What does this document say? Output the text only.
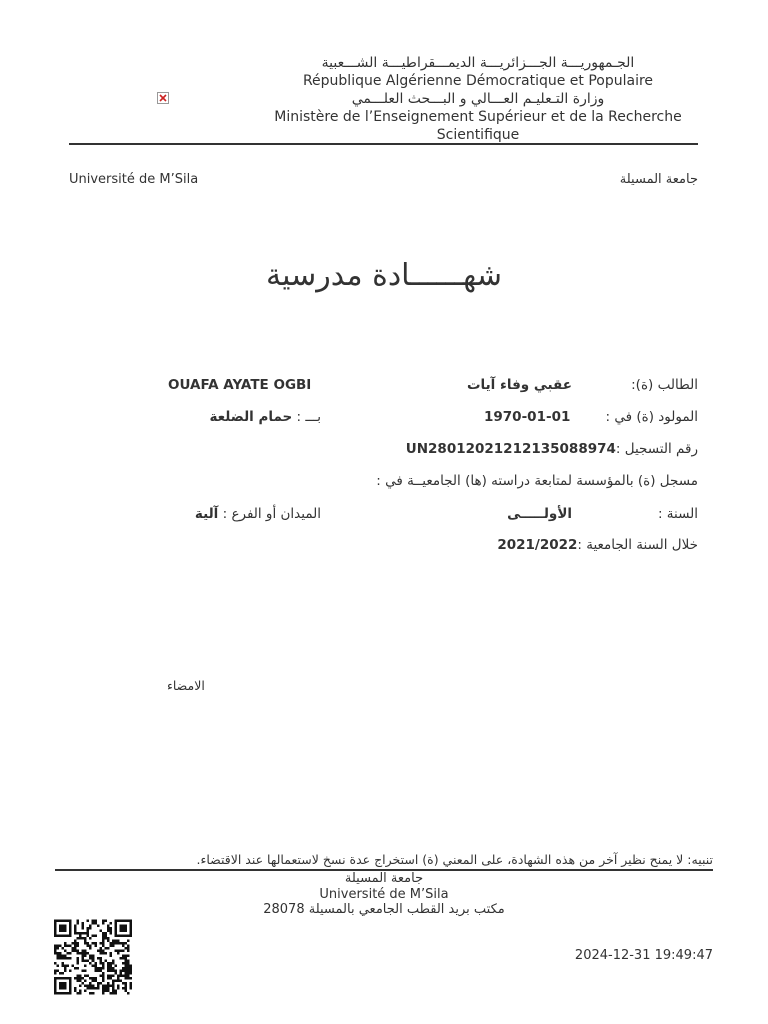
الجـمهوريـــة الجـــزائريـــة الديمـــقراطيـــة الشـــعبية
République Algérienne Démocratique et Populaire
وزارة التـعليـم العـــالي و البـــحث العلـــمي
Ministère de l’Enseignement Supérieur et de la Recherche
Scientifique
Université de M’Sila	جامعة المسيلة
شهــــــادة مدرسية
الطالب (ة):
عقبي وفاء آيات
OUAFA AYATE OGBI
المولود (ة) في :
1970-01-01
بـــ : حمام الضلعة
رقم التسجيل :UN28012021212135088974
مسجل (ة) بالمؤسسة لمتابعة دراسته (ها) الجامعيــة في :
السنة :
الأولـــــى
الميدان أو الفرع : آلية
خلال السنة الجامعية :2021/2022
الامضاء
تنبيه: لا يمنح نظير آخر من هذه الشهادة، على المعني (ة) استخراج عدة نسخ لاستعمالها عند الاقتضاء.
جامعة المسيلة
Université de M’Sila
مكتب بريد القطب الجامعي بالمسيلة 28078
2024-12-31 19:49:47
